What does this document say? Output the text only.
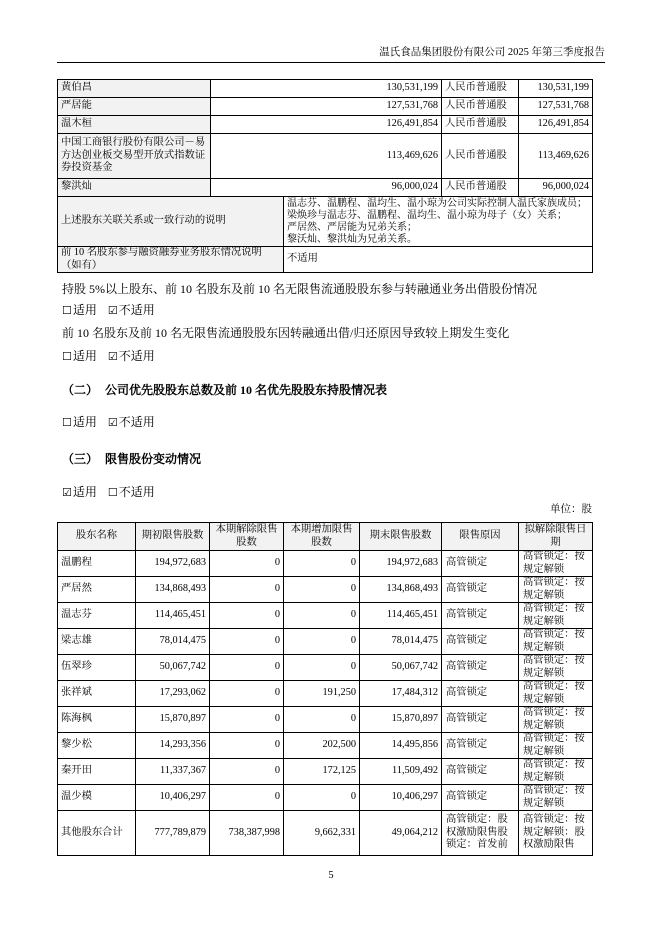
温氏食品集团股份有限公司 2025 年第三季度报告
黄伯昌	130,531,199		人民币普通股	130,531,199
严居能	127,531,768		人民币普通股	127,531,768
温木桓	126,491,854		人民币普通股	126,491,854
中国工商银行股份有限公司－易方达创业板交易型开放式指数证券投资基金	113,469,626		人民币普通股	113,469,626
黎洪灿	96,000,024		人民币普通股	96,000,024
上述股东关联关系或一致行动的说明		温志芬、温鹏程、温均生、温小琼为公司实际控制人温氏家族成员；
梁焕珍与温志芬、温鹏程、温均生、温小琼为母子（女）关系；
严居然、严居能为兄弟关系；
黎沃灿、黎洪灿为兄弟关系。		

前 10 名股东参与融资融券业务股东情况说明（如有）		不适用		
持股 5%以上股东、前 10 名股东及前 10 名无限售流通股股东参与转融通业务出借股份情况
☐适用 ☑不适用
前 10 名股东及前 10 名无限售流通股股东因转融通出借/归还原因导致较上期发生变化
☐适用 ☑不适用
（二） 公司优先股股东总数及前 10 名优先股股东持股情况表
☐适用 ☑不适用
（三） 限售股份变动情况
☑适用 ☐不适用
单位：股
股东名称	期初限售股数	本期解除限售股数	本期增加限售股数	期末限售股数	限售原因	拟解除限售日期
温鹏程	194,972,683	0	0	194,972,683	高管锁定	高管锁定：按规定解锁
严居然	134,868,493	0	0	134,868,493	高管锁定	高管锁定：按规定解锁
温志芬	114,465,451	0	0	114,465,451	高管锁定	高管锁定：按规定解锁
梁志雄	78,014,475	0	0	78,014,475	高管锁定	高管锁定：按规定解锁
伍翠珍	50,067,742	0	0	50,067,742	高管锁定	高管锁定：按规定解锁
张祥斌	17,293,062	0	191,250	17,484,312	高管锁定	高管锁定：按规定解锁
陈海枫	15,870,897	0	0	15,870,897	高管锁定	高管锁定：按规定解锁
黎少松	14,293,356	0	202,500	14,495,856	高管锁定	高管锁定：按规定解锁
秦开田	11,337,367	0	172,125	11,509,492	高管锁定	高管锁定：按规定解锁
温少模	10,406,297	0	0	10,406,297	高管锁定	高管锁定：按规定解锁
其他股东合计	777,789,879	738,387,998	9,662,331	49,064,212	高管锁定：股权激励限售股锁定：首发前	高管锁定：按规定解锁：股权激励限售
5
